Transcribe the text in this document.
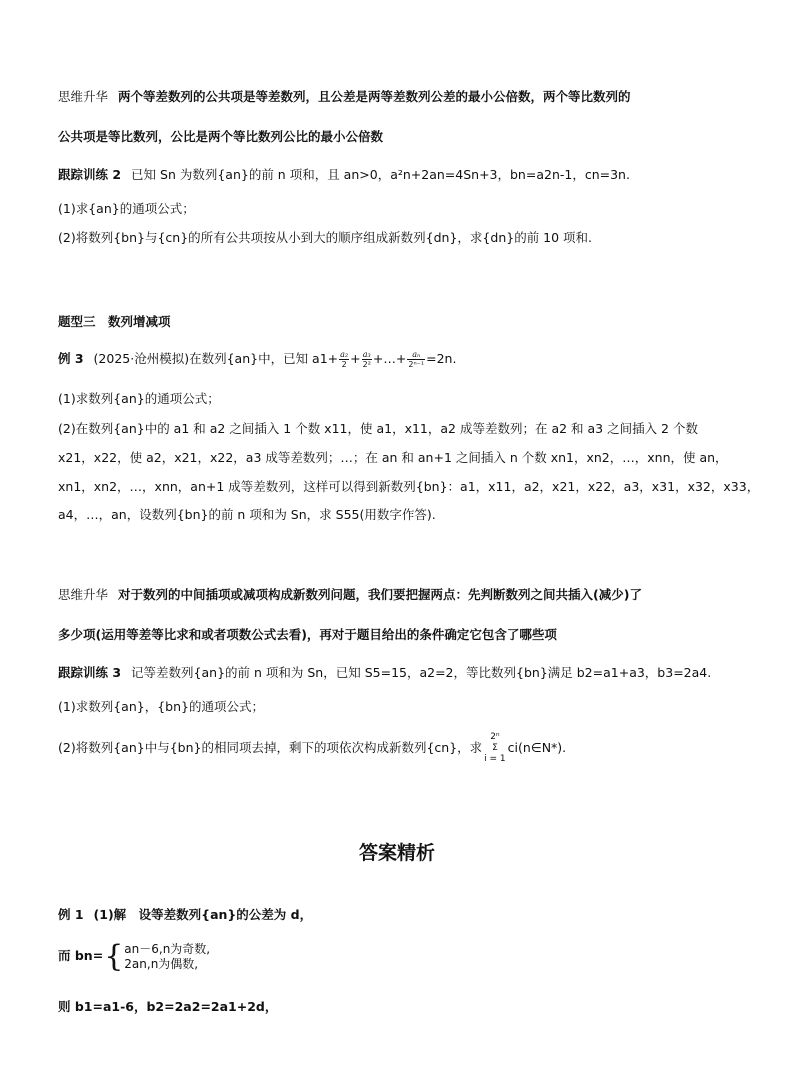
思维升华 两个等差数列的公共项是等差数列，且公差是两等差数列公差的最小公倍数，两个等比数列的
公共项是等比数列，公比是两个等比数列公比的最小公倍数
跟踪训练 2 已知 Sn 为数列{an}的前 n 项和，且 an>0，a²n+2an=4Sn+3，bn=a2n-1，cn=3n.
(1)求{an}的通项公式；
(2)将数列{bn}与{cn}的所有公共项按从小到大的顺序组成新数列{dn}，求{dn}的前 10 项和.
题型三　数列增减项
例 3 (2025·沧州模拟)在数列{an}中，已知 $a1+ \frac{\text{a₂}}{2} + \frac{\text{a₃}}{\text{2²}}$ +…+ $\frac{\text{aₙ}}{\text{2ⁿ⁻¹}} =2n$.
(1)求数列{an}的通项公式；
(2)在数列{an}中的 a1 和 a2 之间插入 1 个数 x11，使 a1，x11，a2 成等差数列；在 a2 和 a3 之间插入 2 个数
x21，x22，使 a2，x21，x22，a3 成等差数列；…；在 an 和 an+1 之间插入 n 个数 xn1，xn2，…，xnn，使 an，
xn1，xn2，…，xnn，an+1 成等差数列，这样可以得到新数列{bn}：a1，x11，a2，x21，x22，a3，x31，x32，x33，
a4，…，an，设数列{bn}的前 n 项和为 Sn，求 S55(用数字作答).
思维升华 对于数列的中间插项或减项构成新数列问题，我们要把握两点：先判断数列之间共插入(减少)了
多少项(运用等差等比求和或者项数公式去看)，再对于题目给出的条件确定它包含了哪些项
跟踪训练 3 记等差数列{an}的前 n 项和为 Sn，已知 S5=15，a2=2，等比数列{bn}满足 b2=a1+a3，b3=2a4.
(1)求数列{an}，{bn}的通项公式；
(2)将数列{an}中与{bn}的相同项去掉，剩下的项依次构成新数列{cn}，求
2ⁿ
Σ
i = 1
ci(n∈N*).
答案精析
例 1 (1)解　设等差数列{an}的公差为 d，
而 bn={ an－6,n为奇数,
2an,n为偶数,
则 b1=a1-6，b2=2a2=2a1+2d，
